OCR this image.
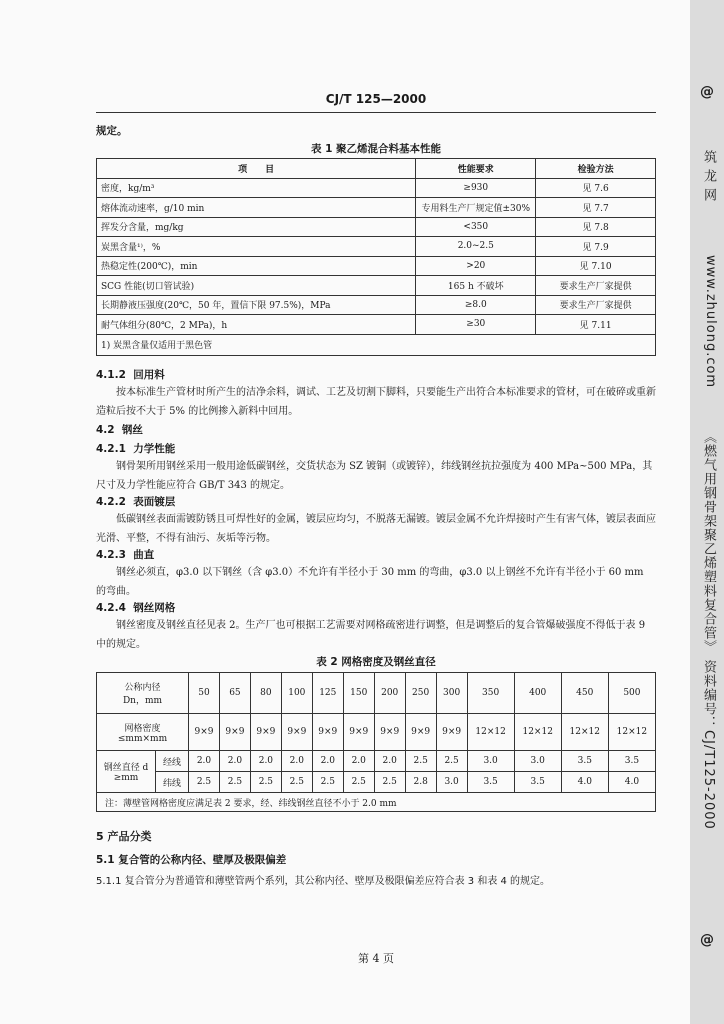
CJ/T 125—2000
规定。
表 1 聚乙烯混合料基本性能
项　　目	性能要求	检验方法
密度，kg/m³	≥930	见 7.6
熔体流动速率，g/10 min	专用料生产厂规定值±30%	见 7.7
挥发分含量，mg/kg	<350	见 7.8
炭黑含量¹⁾，%	2.0~2.5	见 7.9
热稳定性(200℃)，min	>20	见 7.10
SCG 性能(切口管试验)	165 h 不破坏	要求生产厂家提供
长期静液压强度(20℃，50 年，置信下限 97.5%)，MPa	≥8.0	要求生产厂家提供
耐气体组分(80℃，2 MPa)，h	≥30	见 7.11
1) 炭黑含量仅适用于黑色管		
4.1.2 回用料
按本标准生产管材时所产生的洁净余料，调试、工艺及切割下脚料，只要能生产出符合本标准要求的管材，可在破碎或重新造粒后按不大于 5% 的比例掺入新料中回用。
4.2 钢丝
4.2.1 力学性能
钢骨架所用钢丝采用一般用途低碳钢丝，交货状态为 SZ 镀铜（或镀锌），纬线钢丝抗拉强度为 400 MPa~500 MPa，其尺寸及力学性能应符合 GB/T 343 的规定。
4.2.2 表面镀层
低碳钢丝表面需镀防锈且可焊性好的金属，镀层应均匀，不脱落无漏镀。镀层金属不允许焊接时产生有害气体，镀层表面应光滑、平整，不得有油污、灰垢等污物。
4.2.3 曲直
钢丝必须直，φ3.0 以下钢丝（含 φ3.0）不允许有半径小于 30 mm 的弯曲，φ3.0 以上钢丝不允许有半径小于 60 mm 的弯曲。
4.2.4 钢丝网格
钢丝密度及钢丝直径见表 2。生产厂也可根据工艺需要对网格疏密进行调整，但是调整后的复合管爆破强度不得低于表 9 中的规定。
表 2 网格密度及钢丝直径
公称内径
Dn，mm		50	65	80	100	125	150	200	250	300	350	400	450	500
网格密度
≤mm×mm		9×9	9×9	9×9	9×9	9×9	9×9	9×9	9×9	9×9	12×12	12×12	12×12	12×12
钢丝直径 d
≥mm	经线	2.0	2.0	2.0	2.0	2.0	2.0	2.0	2.5	2.5	3.0	3.0	3.5	3.5
	纬线	2.5	2.5	2.5	2.5	2.5	2.5	2.5	2.8	3.0	3.5	3.5	4.0	4.0
注：薄壁管网格密度应满足表 2 要求，经、纬线钢丝直径不小于 2.0 mm														
5 产品分类
5.1 复合管的公称内径、壁厚及极限偏差
5.1.1 复合管分为普通管和薄壁管两个系列，其公称内径、壁厚及极限偏差应符合表 3 和表 4 的规定。
第 4 页
@
筑 龙 网
www.zhulong.com
《燃气用钢骨架聚乙烯塑料复合管》
资料编号：CJ/T125-2000
@
